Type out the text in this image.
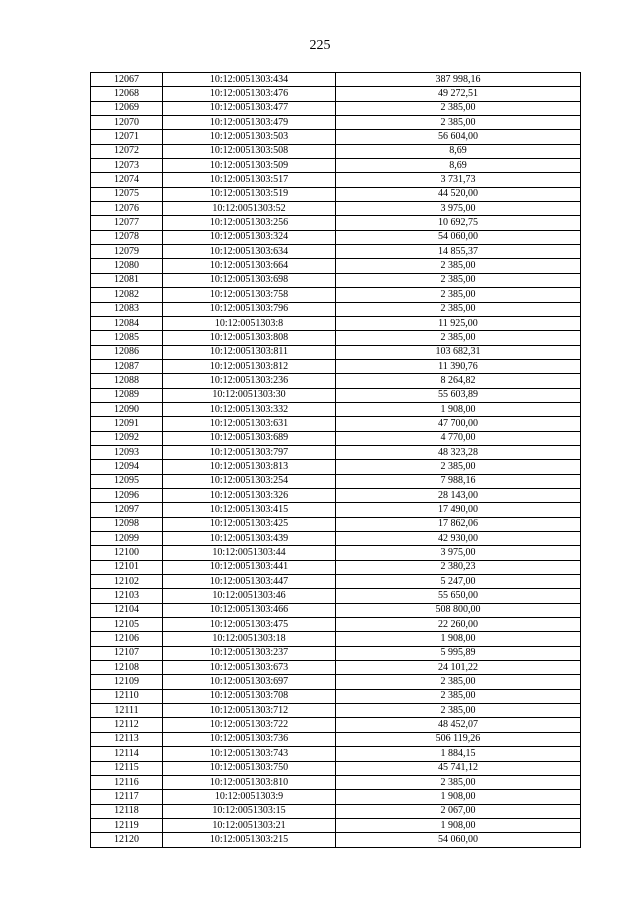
225
12067	10:12:0051303:434	387 998,16
12068	10:12:0051303:476	49 272,51
12069	10:12:0051303:477	2 385,00
12070	10:12:0051303:479	2 385,00
12071	10:12:0051303:503	56 604,00
12072	10:12:0051303:508	8,69
12073	10:12:0051303:509	8,69
12074	10:12:0051303:517	3 731,73
12075	10:12:0051303:519	44 520,00
12076	10:12:0051303:52	3 975,00
12077	10:12:0051303:256	10 692,75
12078	10:12:0051303:324	54 060,00
12079	10:12:0051303:634	14 855,37
12080	10:12:0051303:664	2 385,00
12081	10:12:0051303:698	2 385,00
12082	10:12:0051303:758	2 385,00
12083	10:12:0051303:796	2 385,00
12084	10:12:0051303:8	11 925,00
12085	10:12:0051303:808	2 385,00
12086	10:12:0051303:811	103 682,31
12087	10:12:0051303:812	11 390,76
12088	10:12:0051303:236	8 264,82
12089	10:12:0051303:30	55 603,89
12090	10:12:0051303:332	1 908,00
12091	10:12:0051303:631	47 700,00
12092	10:12:0051303:689	4 770,00
12093	10:12:0051303:797	48 323,28
12094	10:12:0051303:813	2 385,00
12095	10:12:0051303:254	7 988,16
12096	10:12:0051303:326	28 143,00
12097	10:12:0051303:415	17 490,00
12098	10:12:0051303:425	17 862,06
12099	10:12:0051303:439	42 930,00
12100	10:12:0051303:44	3 975,00
12101	10:12:0051303:441	2 380,23
12102	10:12:0051303:447	5 247,00
12103	10:12:0051303:46	55 650,00
12104	10:12:0051303:466	508 800,00
12105	10:12:0051303:475	22 260,00
12106	10:12:0051303:18	1 908,00
12107	10:12:0051303:237	5 995,89
12108	10:12:0051303:673	24 101,22
12109	10:12:0051303:697	2 385,00
12110	10:12:0051303:708	2 385,00
12111	10:12:0051303:712	2 385,00
12112	10:12:0051303:722	48 452,07
12113	10:12:0051303:736	506 119,26
12114	10:12:0051303:743	1 884,15
12115	10:12:0051303:750	45 741,12
12116	10:12:0051303:810	2 385,00
12117	10:12:0051303:9	1 908,00
12118	10:12:0051303:15	2 067,00
12119	10:12:0051303:21	1 908,00
12120	10:12:0051303:215	54 060,00
